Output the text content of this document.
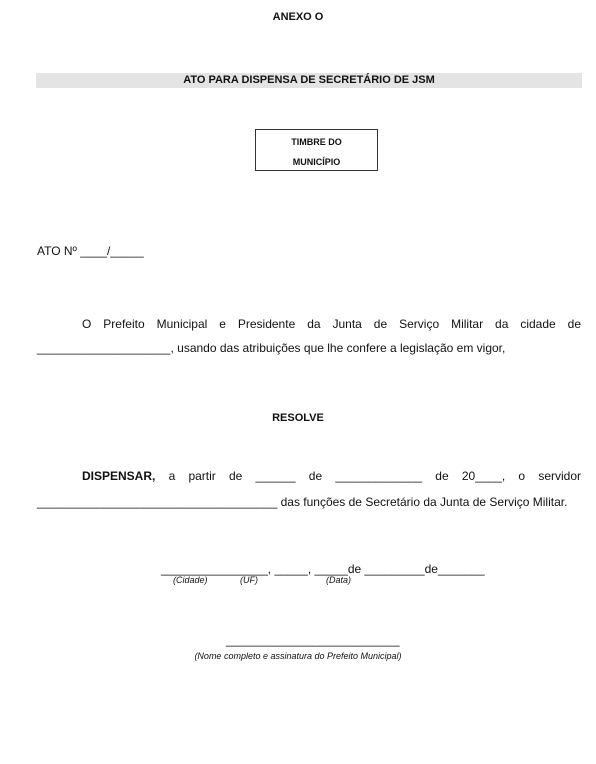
ANEXO O
ATO PARA DISPENSA DE SECRETÁRIO DE JSM
TIMBRE DO
MUNICÍPIO
ATO Nº ____/_____
O Prefeito Municipal e Presidente da Junta de Serviço Militar da cidade de ____________________, usando das atribuições que lhe confere a legislação em vigor,
RESOLVE
DISPENSAR, a partir de ______ de _____________ de 20____, o servidor ____________________________________ das funções de Secretário da Junta de Serviço Militar.
________________, _____, _____de _________de_______
(Cidade)	(UF)	(Data)
__________________________
(Nome completo e assinatura do Prefeito Municipal)
